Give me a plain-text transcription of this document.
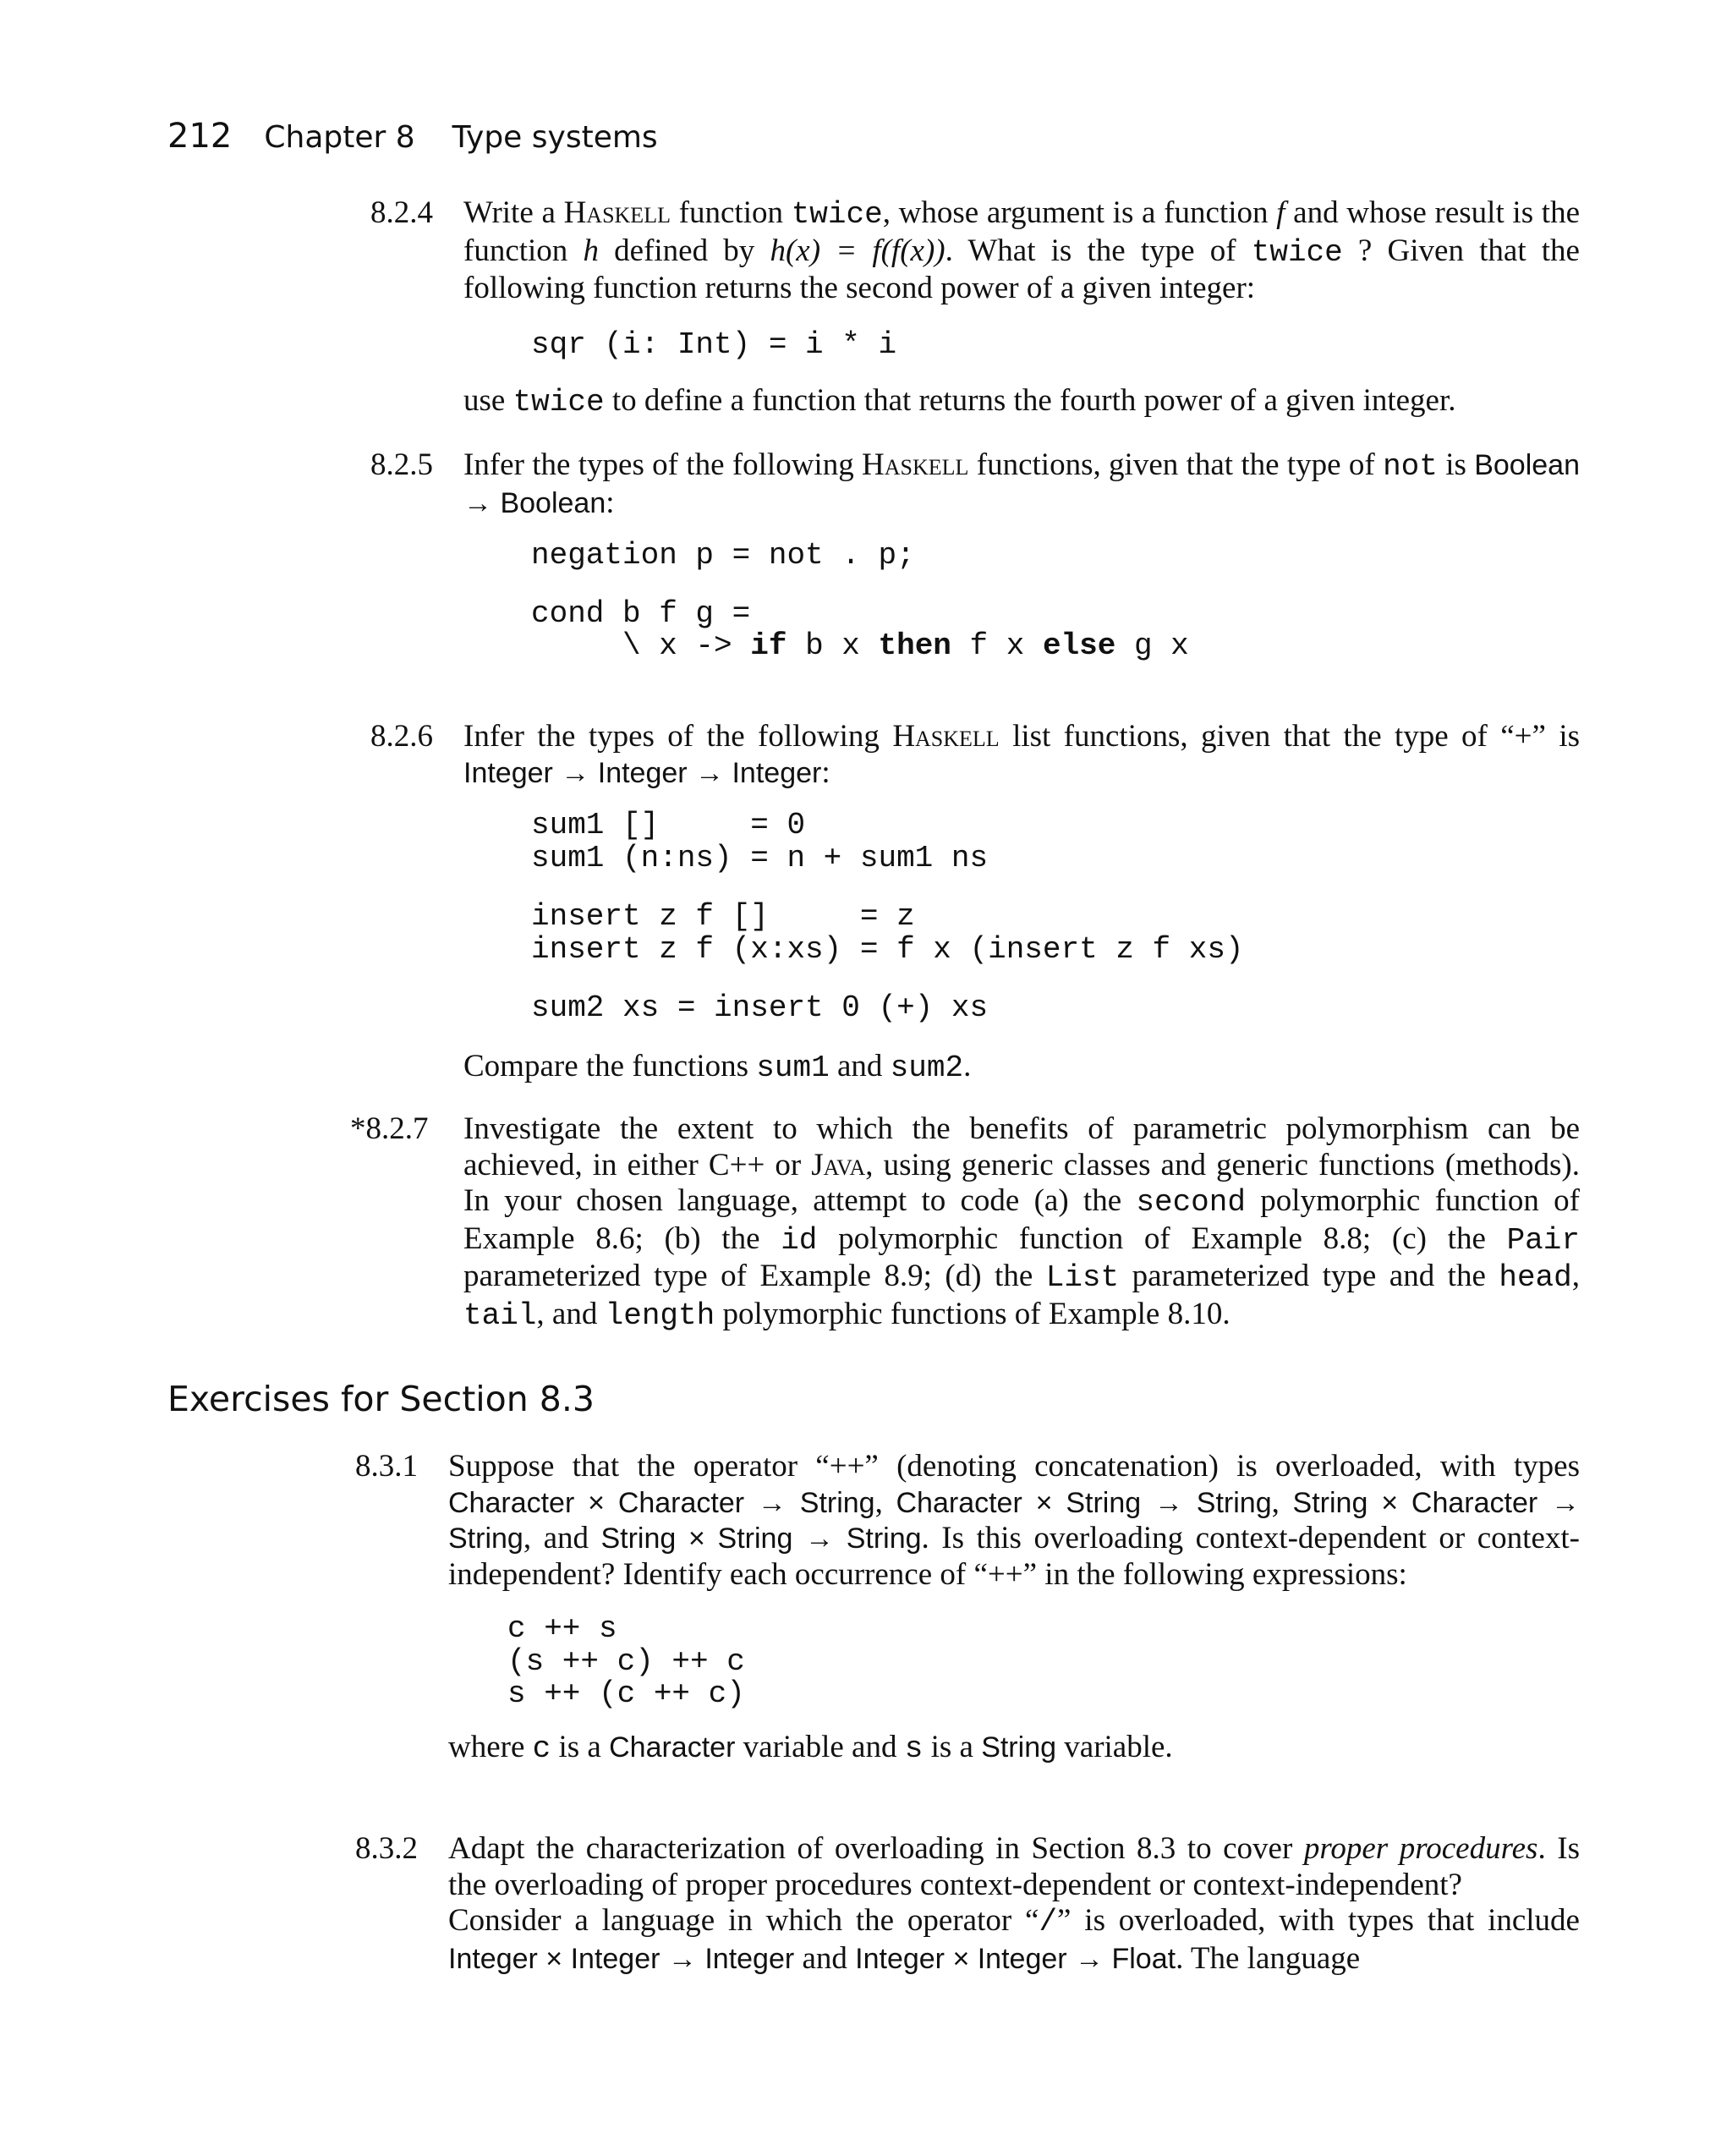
212 Chapter 8 Type systems
8.2.4 Write a Haskell function twice, whose argument is a function f and whose result is the function h defined by h(x) = f(f(x)). What is the type of twice ? Given that the following function returns the second power of a given integer:

sqr (i: Int) = i * i

use twice to define a function that returns the fourth power of a given integer.

8.2.5 Infer the types of the following Haskell functions, given that the type of not is Boolean → Boolean:

negation p = not . p;
cond b f g =
\ x -> if b x then f x else g x
8.2.6 Infer the types of the following Haskell list functions, given that the type of “+” is Integer → Integer → Integer:

sum1 []     = 0
sum1 (n:ns) = n + sum1 ns
insert z f []     = z
insert z f (x:xs) = f x (insert z f xs)
sum2 xs = insert 0 (+) xs

Compare the functions sum1 and sum2.

*8.2.7 Investigate the extent to which the benefits of parametric polymorphism can be achieved, in either C++ or Java, using generic classes and generic functions (methods). In your chosen language, attempt to code (a) the second polymorphic function of Example 8.6; (b) the id polymorphic function of Example 8.8; (c) the Pair parameterized type of Example 8.9; (d) the List parameterized type and the head, tail, and length polymorphic functions of Example 8.10.

Exercises for Section 8.3
8.3.1 Suppose that the operator “++” (denoting concatenation) is overloaded, with types Character × Character → String, Character × String → String, String × Character → String, and String × String → String. Is this overloading context-dependent or context-independent? Identify each occurrence of “++” in the following expressions:

c ++ s
(s ++ c) ++ c
s ++ (c ++ c)

where c is a Character variable and s is a String variable.

8.3.2 Adapt the characterization of overloading in Section 8.3 to cover proper procedures. Is the overloading of proper procedures context-dependent or context-independent?

Consider a language in which the operator “/” is overloaded, with types that include Integer × Integer → Integer and Integer × Integer → Float. The language
